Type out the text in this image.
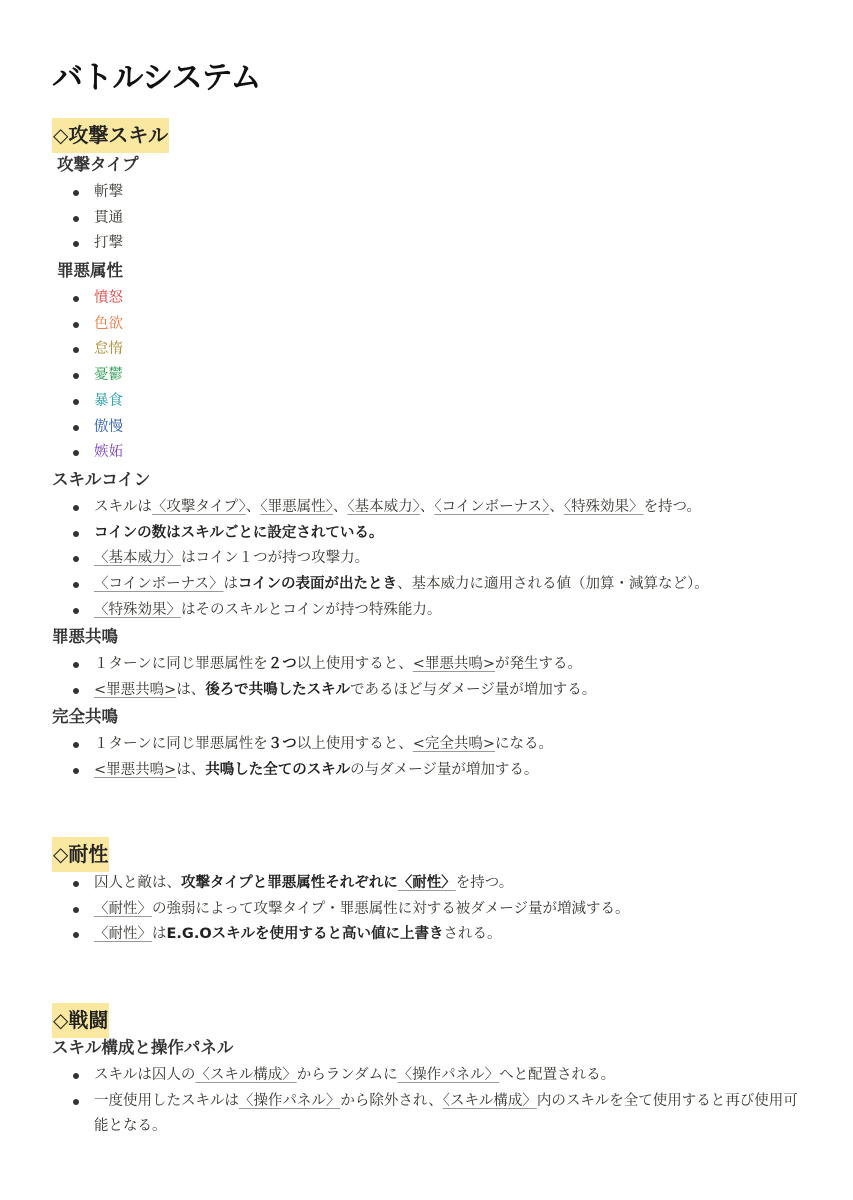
バトルシステム
◇攻撃スキル
攻撃タイプ
斬撃
貫通
打撃
罪悪属性
憤怒
色欲
怠惰
憂鬱
暴食
傲慢
嫉妬
スキルコイン
スキルは〈攻撃タイプ〉、〈罪悪属性〉、〈基本威力〉、〈コインボーナス〉、〈特殊効果〉を持つ。
コインの数はスキルごとに設定されている。
〈基本威力〉はコイン１つが持つ攻撃力。
〈コインボーナス〉はコインの表面が出たとき、基本威力に適用される値（加算・減算など）。
〈特殊効果〉はそのスキルとコインが持つ特殊能力。
罪悪共鳴
１ターンに同じ罪悪属性を２つ以上使用すると、<罪悪共鳴>が発生する。
<罪悪共鳴>は、後ろで共鳴したスキルであるほど与ダメージ量が増加する。
完全共鳴
１ターンに同じ罪悪属性を３つ以上使用すると、<完全共鳴>になる。
<罪悪共鳴>は、共鳴した全てのスキルの与ダメージ量が増加する。
◇耐性
囚人と敵は、攻撃タイプと罪悪属性それぞれに〈耐性〉を持つ。
〈耐性〉の強弱によって攻撃タイプ・罪悪属性に対する被ダメージ量が増減する。
〈耐性〉はE.G.Oスキルを使用すると高い値に上書きされる。
◇戦闘
スキル構成と操作パネル
スキルは囚人の〈スキル構成〉からランダムに〈操作パネル〉へと配置される。
一度使用したスキルは〈操作パネル〉から除外され、〈スキル構成〉内のスキルを全て使用すると再び使用可能となる。
